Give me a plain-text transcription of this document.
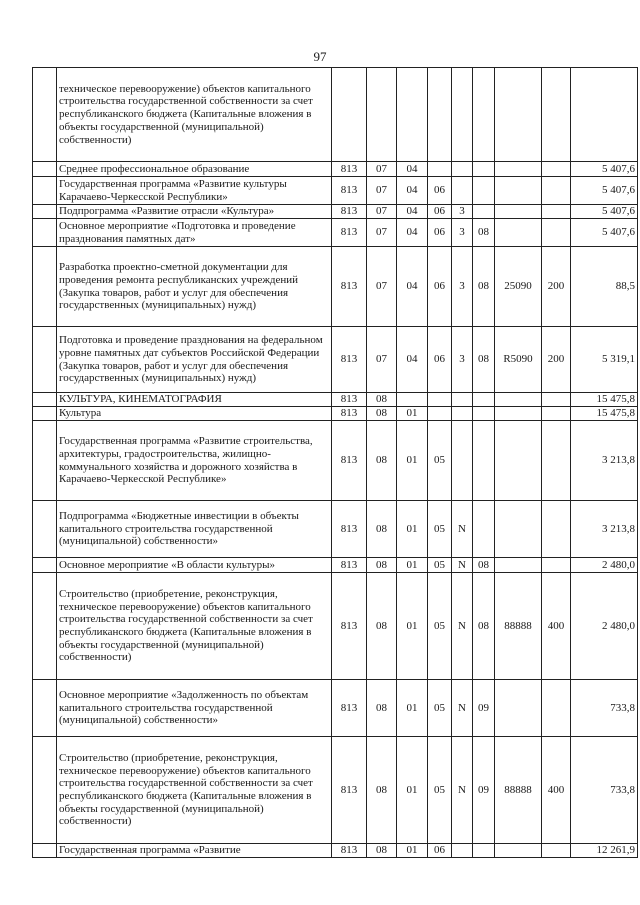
97
	техническое перевооружение) объектов капитального строительства государственной собственности за счет республиканского бюджета (Капитальные вложения в объекты государственной (муниципальной) собственности)									
	Среднее профессиональное образование	813	07	04						5 407,6
	Государственная программа «Развитие культуры Карачаево-Черкесской Республики»	813	07	04	06					5 407,6
	Подпрограмма «Развитие отрасли «Культура»	813	07	04	06	3				5 407,6
	Основное мероприятие «Подготовка и проведение празднования памятных дат»	813	07	04	06	3	08			5 407,6
	Разработка проектно-сметной документации для проведения ремонта республиканских учреждений (Закупка товаров, работ и услуг для обеспечения государственных (муниципальных) нужд)	813	07	04	06	3	08	25090	200	88,5
	Подготовка и проведение празднования на федеральном уровне памятных дат субъектов Российской Федерации (Закупка товаров, работ и услуг для обеспечения государственных (муниципальных) нужд)	813	07	04	06	3	08	R5090	200	5 319,1
	КУЛЬТУРА, КИНЕМАТОГРАФИЯ	813	08							15 475,8
	Культура	813	08	01						15 475,8
	Государственная программа «Развитие строительства, архитектуры, градостроительства, жилищно-коммунального хозяйства и дорожного хозяйства в Карачаево-Черкесской Республике»	813	08	01	05					3 213,8
	Подпрограмма «Бюджетные инвестиции в объекты капитального строительства государственной (муниципальной) собственности»	813	08	01	05	N				3 213,8
	Основное мероприятие «В области культуры»	813	08	01	05	N	08			2 480,0
	Строительство (приобретение, реконструкция, техническое перевооружение) объектов капитального строительства государственной собственности за счет республиканского бюджета (Капитальные вложения в объекты государственной (муниципальной) собственности)	813	08	01	05	N	08	88888	400	2 480,0
	Основное мероприятие «Задолженность по объектам капитального строительства государственной (муниципальной) собственности»	813	08	01	05	N	09			733,8
	Строительство (приобретение, реконструкция, техническое перевооружение) объектов капитального строительства государственной собственности за счет республиканского бюджета (Капитальные вложения в объекты государственной (муниципальной) собственности)	813	08	01	05	N	09	88888	400	733,8
	Государственная программа «Развитие	813	08	01	06					12 261,9
